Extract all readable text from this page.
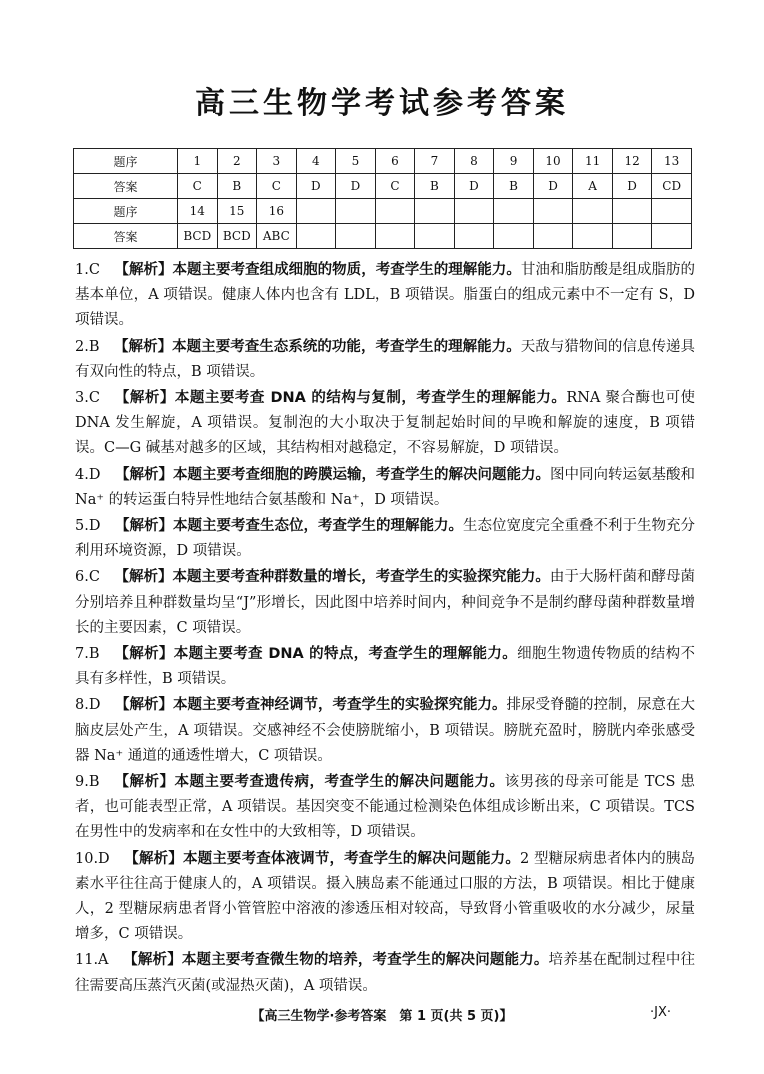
高三生物学考试参考答案
题序	1	2	3	4	5	6	7	8	9	10	11	12	13
答案	C	B	C	D	D	C	B	D	B	D	A	D	CD
题序	14	15	16										
答案	BCD	BCD	ABC										
1.C  【解析】本题主要考查组成细胞的物质，考查学生的理解能力。甘油和脂肪酸是组成脂肪的基本单位，A 项错误。健康人体内也含有 LDL，B 项错误。脂蛋白的组成元素中不一定有 S，D 项错误。
2.B  【解析】本题主要考查生态系统的功能，考查学生的理解能力。天敌与猎物间的信息传递具有双向性的特点，B 项错误。
3.C  【解析】本题主要考查 DNA 的结构与复制，考查学生的理解能力。RNA 聚合酶也可使 DNA 发生解旋，A 项错误。复制泡的大小取决于复制起始时间的早晚和解旋的速度，B 项错误。C—G 碱基对越多的区域，其结构相对越稳定，不容易解旋，D 项错误。
4.D  【解析】本题主要考查细胞的跨膜运输，考查学生的解决问题能力。图中同向转运氨基酸和 Na⁺ 的转运蛋白特异性地结合氨基酸和 Na⁺，D 项错误。
5.D  【解析】本题主要考查生态位，考查学生的理解能力。生态位宽度完全重叠不利于生物充分利用环境资源，D 项错误。
6.C  【解析】本题主要考查种群数量的增长，考查学生的实验探究能力。由于大肠杆菌和酵母菌分别培养且种群数量均呈“J”形增长，因此图中培养时间内，种间竞争不是制约酵母菌种群数量增长的主要因素，C 项错误。
7.B  【解析】本题主要考查 DNA 的特点，考查学生的理解能力。细胞生物遗传物质的结构不具有多样性，B 项错误。
8.D  【解析】本题主要考查神经调节，考查学生的实验探究能力。排尿受脊髓的控制，尿意在大脑皮层处产生，A 项错误。交感神经不会使膀胱缩小，B 项错误。膀胱充盈时，膀胱内牵张感受器 Na⁺ 通道的通透性增大，C 项错误。
9.B  【解析】本题主要考查遗传病，考查学生的解决问题能力。该男孩的母亲可能是 TCS 患者，也可能表型正常，A 项错误。基因突变不能通过检测染色体组成诊断出来，C 项错误。TCS 在男性中的发病率和在女性中的大致相等，D 项错误。
10.D  【解析】本题主要考查体液调节，考查学生的解决问题能力。2 型糖尿病患者体内的胰岛素水平往往高于健康人的，A 项错误。摄入胰岛素不能通过口服的方法，B 项错误。相比于健康人，2 型糖尿病患者肾小管管腔中溶液的渗透压相对较高，导致肾小管重吸收的水分减少，尿量增多，C 项错误。
11.A  【解析】本题主要考查微生物的培养，考查学生的解决问题能力。培养基在配制过程中往往需要高压蒸汽灭菌(或湿热灭菌)，A 项错误。
【高三生物学·参考答案　第 1 页(共 5 页)】	·JX·
